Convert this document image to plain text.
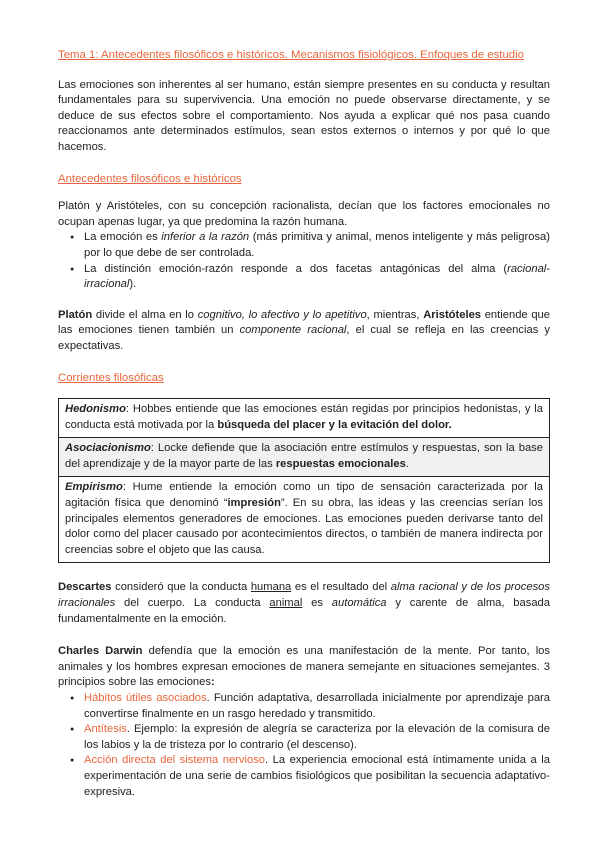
Tema 1: Antecedentes filosóficos e históricos. Mecanismos fisiológicos. Enfoques de estudio

Las emociones son inherentes al ser humano, están siempre presentes en su conducta y resultan fundamentales para su supervivencia. Una emoción no puede observarse directamente, y se deduce de sus efectos sobre el comportamiento. Nos ayuda a explicar qué nos pasa cuando reaccionamos ante determinados estímulos, sean estos externos o internos y por qué lo que hacemos.

Antecedentes filosóficos e históricos

Platón y Aristóteles, con su concepción racionalista, decían que los factores emocionales no ocupan apenas lugar, ya que predomina la razón humana.

● La emoción es inferior a la razón (más primitiva y animal, menos inteligente y más peligrosa) por lo que debe de ser controlada.
● La distinción emoción-razón responde a dos facetas antagónicas del alma (racional-irracional).

Platón divide el alma en lo cognitivo, lo afectivo y lo apetitivo, mientras, Aristóteles entiende que las emociones tienen también un componente racional, el cual se refleja en las creencias y expectativas.

Corrientes filosóficas
Hedonismo: Hobbes entiende que las emociones están regidas por principios hedonistas, y la conducta está motivada por la búsqueda del placer y la evitación del dolor.
Asociacionismo: Locke defiende que la asociación entre estímulos y respuestas, son la base del aprendizaje y de la mayor parte de las respuestas emocionales.
Empirismo: Hume entiende la emoción como un tipo de sensación caracterizada por la agitación física que denominó “impresión”. En su obra, las ideas y las creencias serían los principales elementos generadores de emociones. Las emociones pueden derivarse tanto del dolor como del placer causado por acontecimientos directos, o también de manera indirecta por creencias sobre el objeto que las causa.

Descartes consideró que la conducta humana es el resultado del alma racional y de los procesos irracionales del cuerpo. La conducta animal es automática y carente de alma, basada fundamentalmente en la emoción.

Charles Darwin defendía que la emoción es una manifestación de la mente. Por tanto, los animales y los hombres expresan emociones de manera semejante en situaciones semejantes. 3 principios sobre las emociones:

● Hábitos útiles asociados. Función adaptativa, desarrollada inicialmente por aprendizaje para convertirse finalmente en un rasgo heredado y transmitido.
● Antítesis. Ejemplo: la expresión de alegría se caracteriza por la elevación de la comisura de los labios y la de tristeza por lo contrario (el descenso).
● Acción directa del sistema nervioso. La experiencia emocional está íntimamente unida a la experimentación de una serie de cambios fisiológicos que posibilitan la secuencia adaptativo-expresiva.
